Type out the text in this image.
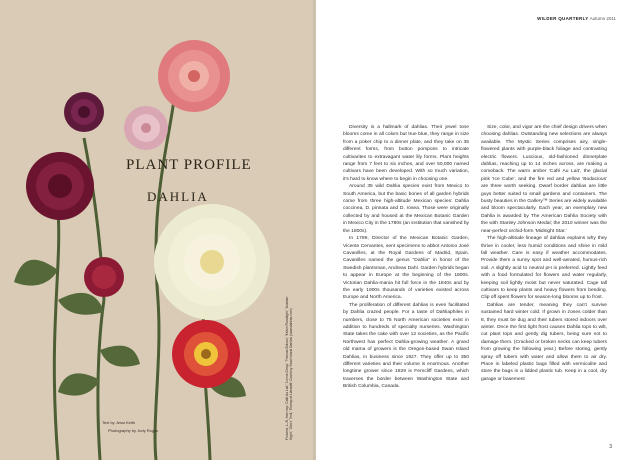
PLANT PROFILE
DAHLIA
Text by Jessi Keith
Photography by Jody Rogac	Pictured, L–R, from top: 'Café Au Lait,' 'Lemon Drop,' 'Thomas Edison,' 'Kelvin Floodlight,' 'Arabian Night,' 'Otto's Thrill,' 'Bishop of Llandaff'; Courtesy Swan Island Dahlias (swandahlias.com)
WILDER QUARTERLY Autumn 2011

Diversity is a hallmark of dahlias. Their jewel tone blooms come in all colors but true blue, they range in size from a poker chip to a dinner plate, and they take on 35 different forms, from button pompons to intricate cultivarites to extravagant water lily forms. Plant heights range from 7 feet to six inches, and over 50,000 named cultivars have been developed. With so much variation, it's hard to know where to begin in choosing one.

Around 35 wild Dahlia species exist from Mexico to South America, but the basic bones of all garden hybrids come from three high-altitude Mexican species: Dahlia coccinea, D. pinnata and D. rosea. Those were originally collected by and housed at the Mexican Botanic Garden in Mexico City in the 1780s (an institution that vanished by the 1800s).

In 1789, Director of the Mexican Botanic Garden, Vicente Cervantes, sent specimens to abbot Antonio José Cavanilles, at the Royal Gardens of Madrid, Spain. Cavanilles named the genus "Dahlia" in honor of the Swedish plantsman, Andreas Dahl. Garden hybrids began to appear in Europe at the beginning of the 1800s. Victorian Dahlia-mania hit full force in the 1840s and by the early 1900s thousands of varieties existed across Europe and North America.

The proliferation of different dahlias is even facilitated by Dahlia crazed people. For a taste of Dahliaphiles in numbers, close to 75 North American societies exist in addition to hundreds of specialty nurseries. Washington State takes the cake with over 12 societies, as the Pacific Northwest has perfect Dahlia-growing weather. A grand old mama of growers is the Oregon-based Swan Island Dahlias, in business since 1927. They offer up to 350 different varieties and their volume is enormous. Another longtime grower since 1929 is Ferncliff Gardens, which traverses the border between Washington State and British Columbia, Canada.

Size, color, and vigor are the chief design drivers when choosing dahlias. Outstanding new selections are always available. The Mystic Series comprises airy, single-flowered plants with purple-black foliage and contrasting electric flowers. Luscious, old-fashioned dinnerplate dahlias, reaching up to 14 inches across, are making a comeback. The warm amber 'Café Au Lait', the glacial pink 'Ice Cube', and the fire red and yellow 'Bodacious' are three worth seeking. Dwarf border dahlias are little guys better suited to small gardens and containers. The busty beauties in the Gallery™ Series are widely available and bloom spectacularly. Each year, an exemplary new Dahlia is awarded by The American Dahlia Society with the with Stanley Johnson Medal; the 2010 winner was the near-perfect orchid-form 'Midnight Star.'

The high-altitude lineage of dahlias explains why they thrive in cooler, less humid conditions and shine in mild fall weather. Care is easy if weather accommodates. Provide them a sunny spot and well-aerated, humus-rich soil. A slightly acid to neutral pH is preferred. Lightly feed with a food formulated for flowers and water regularly, keeping soil lightly moist but never saturated. Cage tall cultivars to keep plants and heavy flowers from bending. Clip off spent flowers for season-long blooms up to frost.

Dahlias are tender, meaning they can't survive sustained hard winter cold. If grown in zones colder than 8, they must be dug and their tubers stored indoors over winter. Once the first light frost causes Dahlia tops to wilt, cut plant tops and gently dig tubers, being sure not to damage them. (Cracked or broken necks can keep tubers from growing the following year.) Before storing, gently spray off tubers with water and allow them to air dry. Place in labeled plastic bags filled with vermiculite and store the bags in a lidded plastic tub. Keep in a cool, dry garage or basement

3
